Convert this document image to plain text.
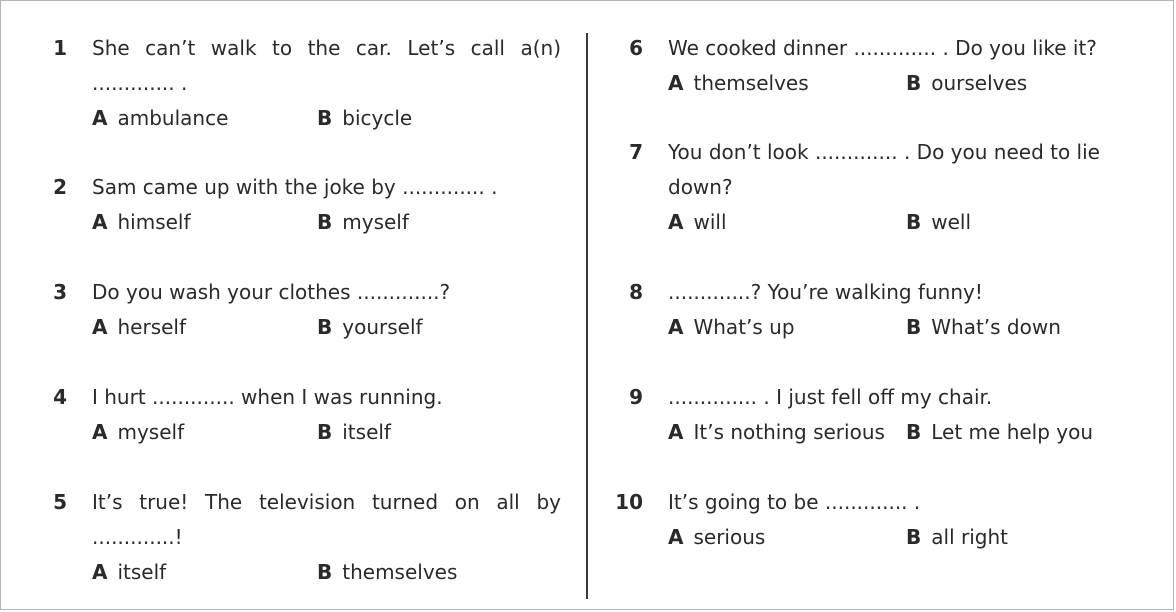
1 She can’t walk to the car. Let’s call a(n)
............. .
A ambulance	B bicycle
2 Sam came up with the joke by ............. .
A himself	B myself
3 Do you wash your clothes .............?
A herself	B yourself
4 I hurt ............. when I was running.
A myself	B itself
5 It’s true! The television turned on all by
.............!
A itself	B themselves
6 We cooked dinner ............. . Do you like it?
A themselves	B ourselves
7 You don’t look ............. . Do you need to lie
down?
A will	B well
8 .............? You’re walking funny!
A What’s up	B What’s down
9 .............. . I just fell off my chair.
A It’s nothing serious B Let me help you
10 It’s going to be ............. .
A serious	B all right
